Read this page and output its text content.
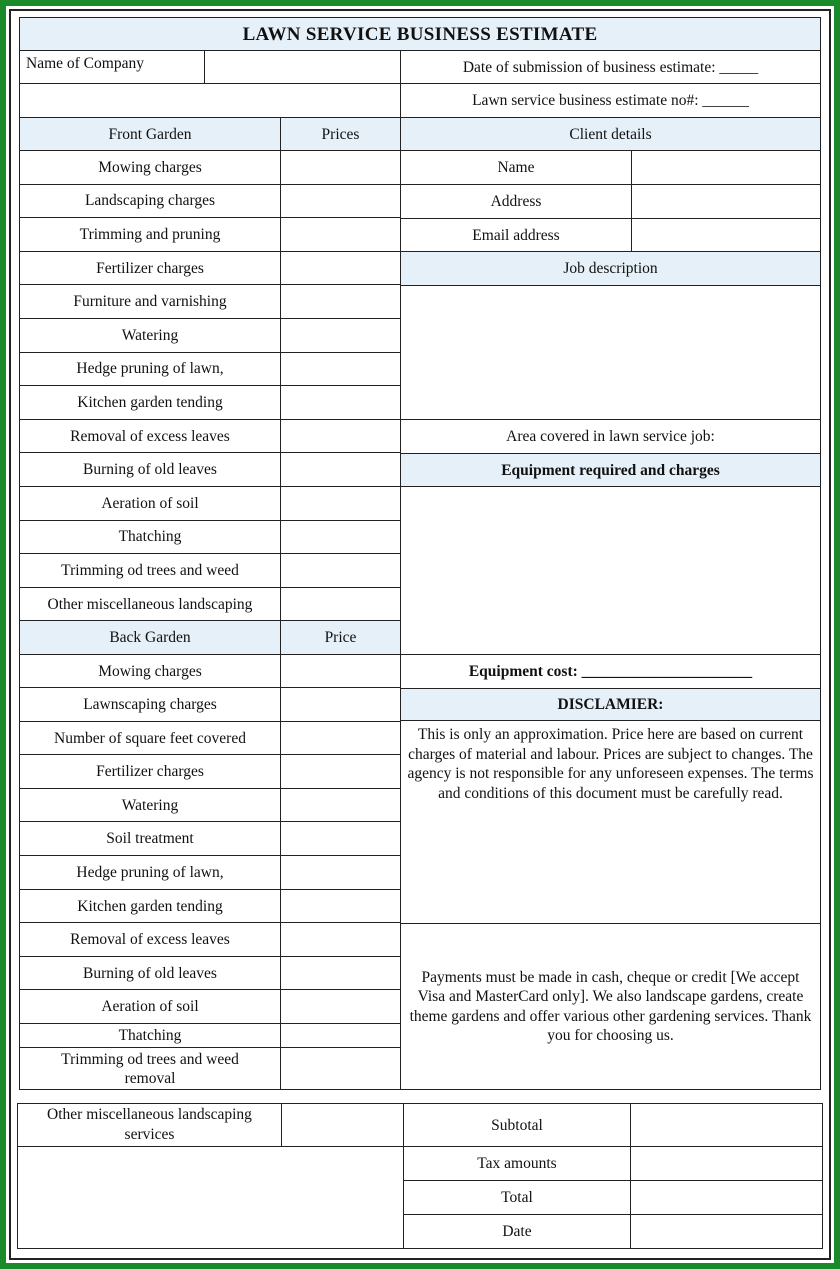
LAWN SERVICE BUSINESS ESTIMATE
Name of Company	Date of submission of business estimate: _____
Lawn service business estimate no#: ______
Front Garden	Prices
Mowing charges
Landscaping charges
Trimming and pruning
Fertilizer charges
Furniture and varnishing
Watering
Hedge pruning of lawn,
Kitchen garden tending
Removal of excess leaves
Burning of old leaves
Aeration of soil
Thatching
Trimming od trees and weed
Other miscellaneous landscaping
Back Garden	Price
Mowing charges
Lawnscaping charges
Number of square feet covered
Fertilizer charges
Watering
Soil treatment
Hedge pruning of lawn,
Kitchen garden tending
Removal of excess leaves
Burning of old leaves
Aeration of soil
Thatching
Trimming od trees and weed removal
Client details
Name
Address
Email address
Job description
Area covered in lawn service job:
Equipment required and charges
Equipment cost: ______________________
DISCLAMIER:
This is only an approximation. Price here are based on current charges of material and labour. Prices are subject to changes. The agency is not responsible for any unforeseen expenses. The terms and conditions of this document must be carefully read.
Payments must be made in cash, cheque or credit [We accept Visa and MasterCard only]. We also landscape gardens, create theme gardens and offer various other gardening services. Thank you for choosing us.
Other miscellaneous landscaping services
Subtotal
Tax amounts
Total
Date
